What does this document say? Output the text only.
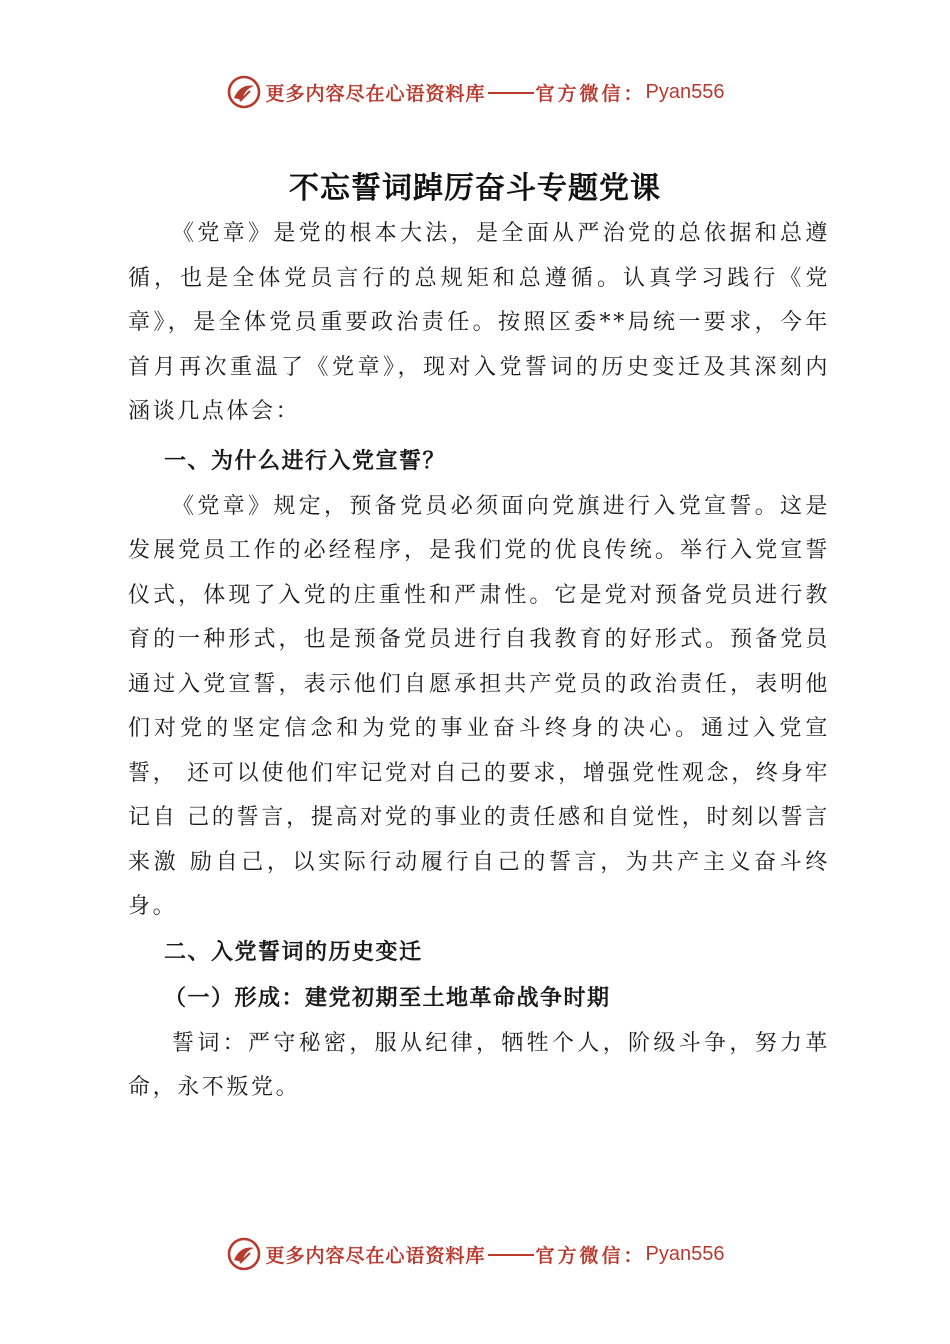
更多内容尽在心语资料库	官方微信： Pyan556
不忘誓词踔厉奋斗专题党课

《党章》是党的根本大法，是全面从严治党的总依据和总遵循，也是全体党员言行的总规矩和总遵循。认真学习践行《党章》，是全体党员重要政治责任。按照区委**局统一要求，今年首月再次重温了《党章》，现对入党誓词的历史变迁及其深刻内涵谈几点体会：

一、为什么进行入党宣誓？

《党章》规定，预备党员必须面向党旗进行入党宣誓。这是发展党员工作的必经程序，是我们党的优良传统。举行入党宣誓仪式，体现了入党的庄重性和严肃性。它是党对预备党员进行教 育的一种形式，也是预备党员进行自我教育的好形式。预备党员 通过入党宣誓，表示他们自愿承担共产党员的政治责任，表明他 们对党的坚定信念和为党的事业奋斗终身的决心。通过入党宣誓， 还可以使他们牢记党对自己的要求，增强党性观念，终身牢记自 己的誓言，提高对党的事业的责任感和自觉性，时刻以誓言来激 励自己，以实际行动履行自己的誓言，为共产主义奋斗终身。

二、入党誓词的历史变迁

（一）形成：建党初期至土地革命战争时期

誓词：严守秘密，服从纪律，牺牲个人，阶级斗争，努力革命，永不叛党。

更多内容尽在心语资料库	官方微信： Pyan556
